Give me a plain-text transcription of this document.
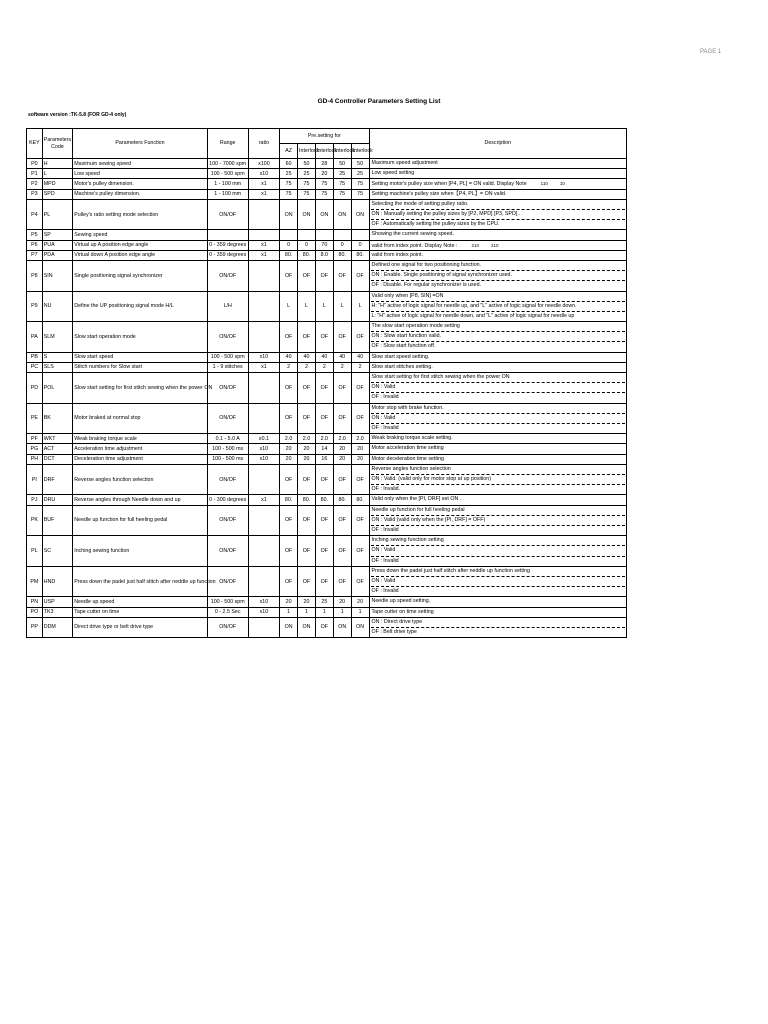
PAGE 1
GD-4 Controller Parameters Setting List
software version :TK-5.8 (FOR GD-4 only)
KEY	Parameters Code	Parameters Function	Range	ratio	Pre.setting for					Description
					AZ	Interlock	Interlock	Interlock	Interlock	
P0	H	Maximum sewing speed	100 - 7000 spm	x100	60	50	28	50	50	Maximum speed adjustment

P1	L	Low speed	100 - 500 spm	x10	25	25	20	25	25	Low speed setting

P2	MPD	Motor's pulley dimension.	1 - 100 mm	x1	75	75	75	75	75	Setting motor's pulley size when [P4, PL] = ON valid. Display Note 110 10

P3	SPD	Machine's pulley dimension.	1 - 100 mm	x1	75	75	75	75	75	Setting machine's pulley size when【P4, PL】= ON valid.

P4	PL	Pulley's ratio setting mode selection	ON/OF		ON	ON	ON	ON	ON	Selecting the mode of setting pulley ratio.
ON : Manually setting the pulley sizes by [P2, MPD] [P3, SPD] .
OF : Automatically setting the pulley sizes by the CPU.

P5	SP	Sewing speed								Showing the current sewing speed.

P6	PUA	Virtual up A position edge angle	0 - 359 degrees	x1	0	0	70	0	0	valid from index point. Display Note : 210 210

P7	PDA	Virtual down A position edge angle	0 - 359 degrees	x1	80.	80.	8.0	80.	80.	valid from index point.

P8	SIN	Single positioning signal synchronizer	ON/OF		OF	OF	OF	OF	OF	Defined one signal for two positioning function.
ON : Enable. Single positioning of signal synchronizer used.
OF : Disable. For regular synchronizer is used.

P9	NU	Define the UP positioning signal mode H/L	L/H		L	L	L	L	L	Valid only when [P8, SIN] =ON
H: "H" active of logic signal for needle up, and "L" active of logic signal for needle down.
L: "H" active of logic signal for needle down, and "L" active of logic signal for needle up

PA	SLM	Slow start operation mode	ON/OF		OF	OF	OF	OF	OF	The slow start operation mode setting
ON : Slow start function valid.
OF : Slow start function off.

PB	S	Slow start speed	100 - 500 spm	x10	40	40	40	40	40	Slow start speed setting.

PC	SLS	Stitch numbers for Slow start	1 - 9 stitches	x1	2	2	2	2	2	Slow start stitches setting.

PD	POL	Slow start setting for first stitch sewing when the power ON	ON/OF		OF	OF	OF	OF	OF	Slow start setting for first stitch sewing when the power ON
ON : Valid
OF : Invalid

PE	BK	Motor braked at normal stop	ON/OF		OF	OF	OF	OF	OF	Motor stop with brake function.
ON : Valid
OF : Invalid

PF	WKT	Weak braking torque scale	0.1 - 5.0 A	x0.1	2.0	2.0	2.0	2.0	2.0	Weak braking torque scale setting.

PG	ACT	Acceleration time adjustment	100 - 500 ms	x10	20	20	14	20	20	Motor acceleration time setting

PH	DCT	Deceleration time adjustment	100 - 500 ms	x10	20	20	16	20	20	Motor deceleration time setting

PI	DRF	Reverse angles function selection	ON/OF		OF	OF	OF	OF	OF	Reverse angles function selection
ON : Valid. (valid only for motor stop at up position)
OF : Invalid.

PJ	DRU	Reverse angles through Needle down and up	0 - 300 degrees	x1	80.	80.	80.	80.	80.	Valid only when the [PI, DRF] set ON .

PK	BUF	Needle up function for full heeling pedal	ON/OF		OF	OF	OF	OF	OF	Needle up function for full heeling pedal
ON : Valid (valid only when the [PI, DRF] = OFF)
OF : Invalid

PL	SC	Inching sewing function	ON/OF		OF	OF	OF	OF	OF	Inching sewing function setting
ON : Valid
OF : Invalid

PM	HND	Press down the padel just half stitch after neddle up function	ON/OF		OF	OF	OF	OF	OF	Press down the padel just half stitch after neddle up function setting
ON : Valid
OF : Invalid

PN	USP	Needle up speed	100 - 500 spm	x10	20	20	25	20	20	Needle up speed setting.

PO	TK3	Tape cutter on time	0 - 2.5 Sec	x10	1	1	1	1	1	Tape cutter on time setting

PP	DDM	Direct drive type or belt drive type	ON/OF		ON	ON	OF	ON	ON	ON : Direct drive type
OF : Belt drive type
